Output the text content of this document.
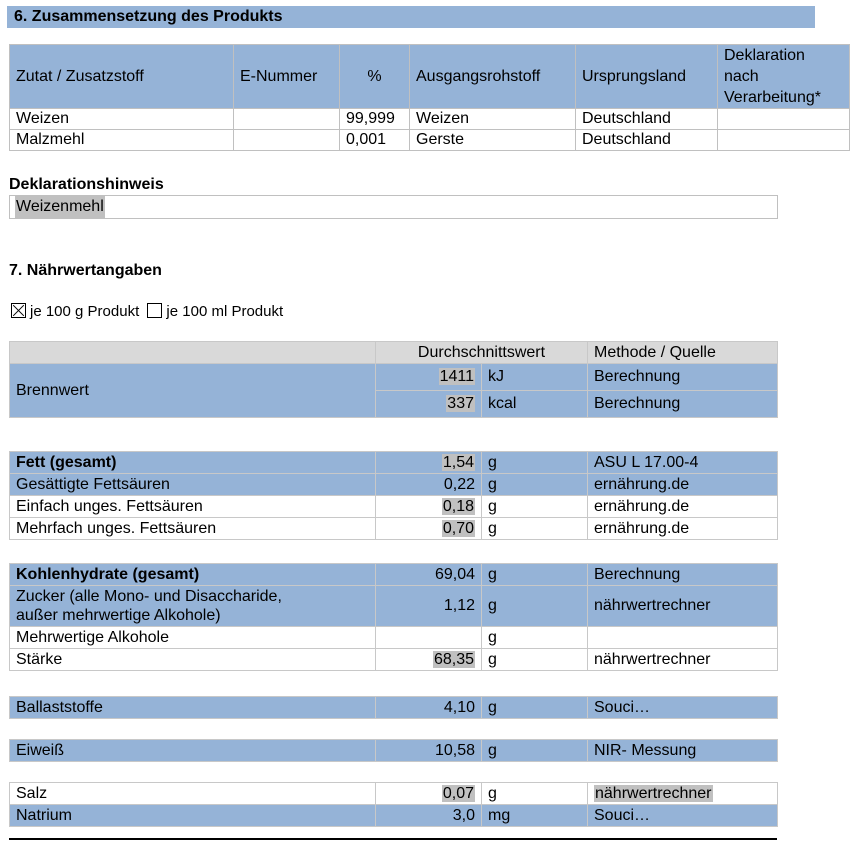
6. Zusammensetzung des Produkts
Zutat / Zusatzstoff	E-Nummer	%	Ausgangsrohstoff	Ursprungsland	Deklaration nach Verarbeitung*
Weizen		99,999	Weizen	Deutschland	
Malzmehl		0,001	Gerste	Deutschland	
Deklarationshinweis
Weizenmehl
7. Nährwertangaben
je 100 g Produkt je 100 ml Produkt
	Durchschnittswert		Methode / Quelle
Brennwert	1411	kJ	Berechnung
	337	kcal	Berechnung
Fett (gesamt)	1,54	g	ASU L 17.00-4
Gesättigte Fettsäuren	0,22	g	ernährung.de
Einfach unges. Fettsäuren	0,18	g	ernährung.de
Mehrfach unges. Fettsäuren	0,70	g	ernährung.de
Kohlenhydrate (gesamt)	69,04	g	Berechnung
Zucker (alle Mono- und Disaccharide,
außer mehrwertige Alkohole)	1,12	g	nährwertrechner
Mehrwertige Alkohole		g	
Stärke	68,35	g	nährwertrechner
Ballaststoffe	4,10	g	Souci…
Eiweiß	10,58	g	NIR- Messung
Salz	0,07	g	nährwertrechner
Natrium	3,0	mg	Souci…
